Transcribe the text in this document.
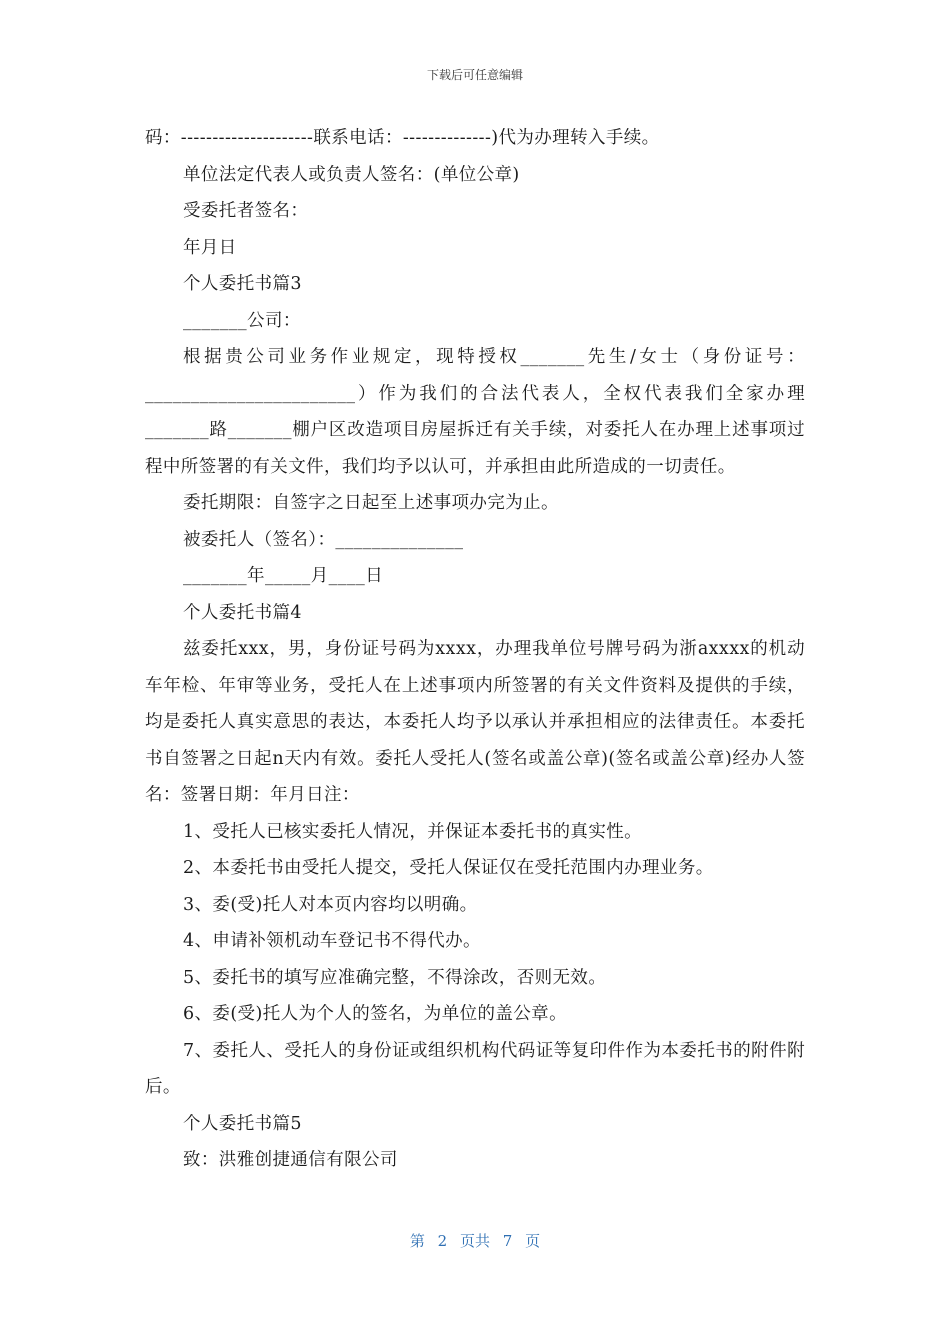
下载后可任意编辑

码：---------------------联系电话：--------------)代为办理转入手续。

单位法定代表人或负责人签名：(单位公章)

受委托者签名：

年月日

个人委托书篇3

_______公司：

根据贵公司业务作业规定，现特授权_______先生/女士（身份证号：_______________________）作为我们的合法代表人，全权代表我们全家办理_______路_______棚户区改造项目房屋拆迁有关手续，对委托人在办理上述事项过程中所签署的有关文件，我们均予以认可，并承担由此所造成的一切责任。

委托期限：自签字之日起至上述事项办完为止。

被委托人（签名）：______________

_______年_____月____日

个人委托书篇4

兹委托xxx，男，身份证号码为xxxx，办理我单位号牌号码为浙axxxx的机动车年检、年审等业务，受托人在上述事项内所签署的有关文件资料及提供的手续，均是委托人真实意思的表达，本委托人均予以承认并承担相应的法律责任。本委托书自签署之日起n天内有效。委托人受托人(签名或盖公章)(签名或盖公章)经办人签名：签署日期：年月日注：

1、受托人已核实委托人情况，并保证本委托书的真实性。

2、本委托书由受托人提交，受托人保证仅在受托范围内办理业务。

3、委(受)托人对本页内容均以明确。

4、申请补领机动车登记书不得代办。

5、委托书的填写应准确完整，不得涂改，否则无效。

6、委(受)托人为个人的签名，为单位的盖公章。

7、委托人、受托人的身份证或组织机构代码证等复印件作为本委托书的附件附后。

个人委托书篇5

致：洪雅创捷通信有限公司

第 2 页共 7 页
